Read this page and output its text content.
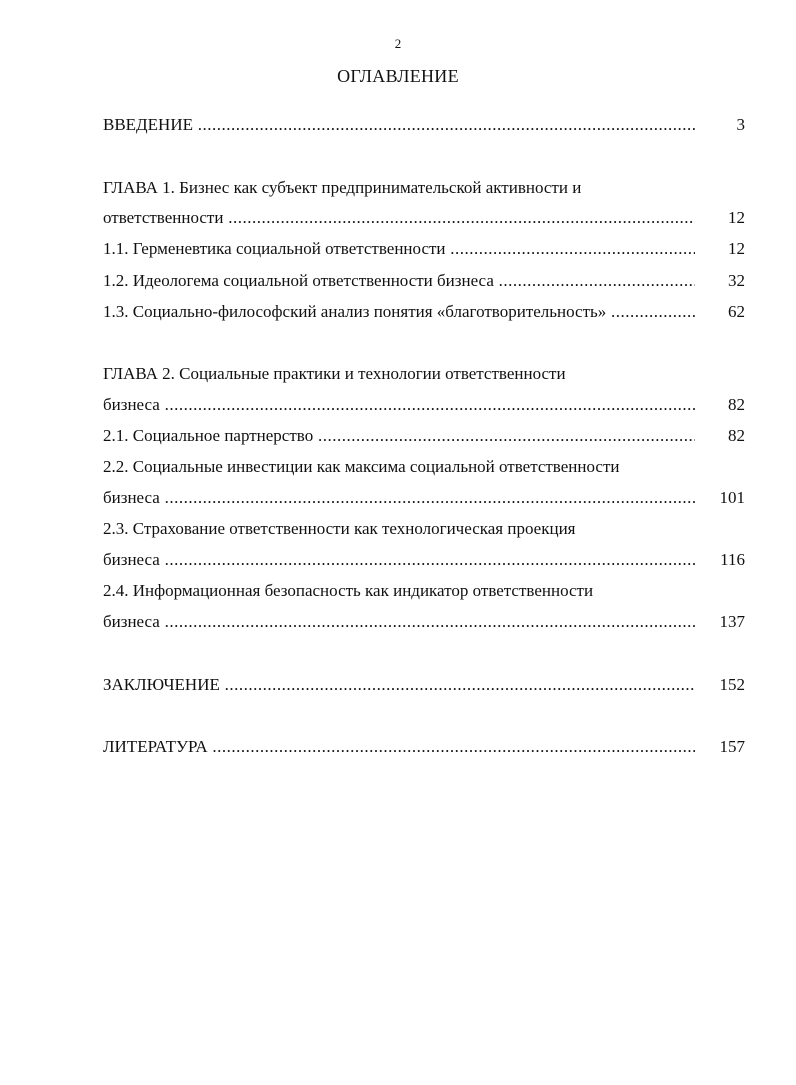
2
ОГЛАВЛЕНИЕ
ВВЕДЕНИЕ .....	3
ГЛАВА 1. Бизнес как субъект предпринимательской активности и
ответственности .....	12
1.1. Герменевтика социальной ответственности .....	12
1.2. Идеологема социальной ответственности бизнеса .....	32
1.3. Социально-философский анализ понятия «благотворительность» .....	62
ГЛАВА 2. Социальные практики и технологии ответственности
бизнеса .....	82
2.1. Социальное партнерство .....	82
2.2. Социальные инвестиции как максима социальной ответственности
бизнеса .....	101
2.3. Страхование ответственности как технологическая проекция
бизнеса .....	116
2.4. Информационная безопасность как индикатор ответственности
бизнеса .....	137
ЗАКЛЮЧЕНИЕ .....	152
ЛИТЕРАТУРА .....	157
